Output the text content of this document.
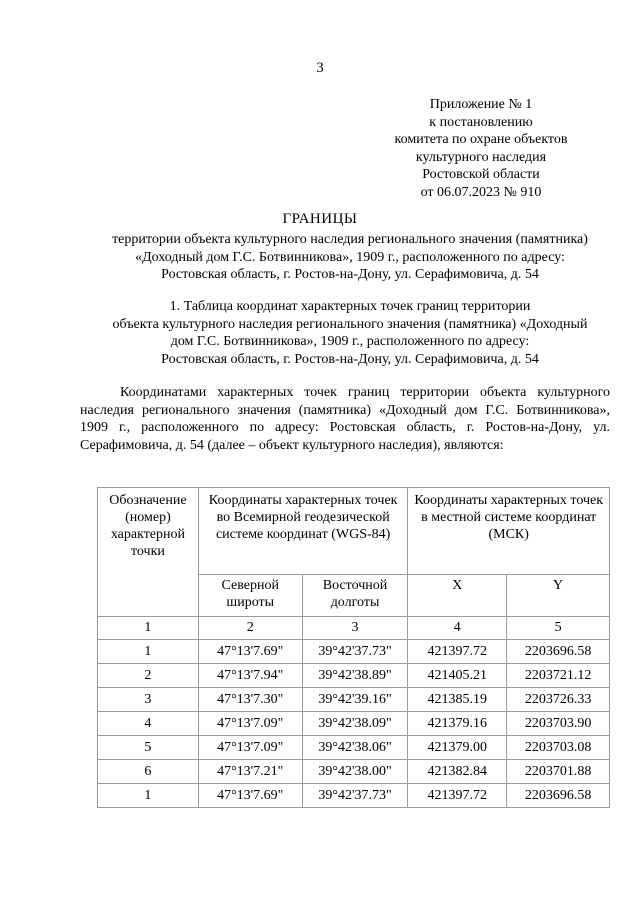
3
Приложение № 1
к постановлению
комитета по охране объектов
культурного наследия
Ростовской области
от 06.07.2023 № 910
ГРАНИЦЫ
территории объекта культурного наследия регионального значения (памятника)
«Доходный дом Г.С. Ботвинникова», 1909 г., расположенного по адресу:
Ростовская область, г. Ростов-на-Дону, ул. Серафимовича, д. 54
1. Таблица координат характерных точек границ территории
объекта культурного наследия регионального значения (памятника) «Доходный
дом Г.С. Ботвинникова», 1909 г., расположенного по адресу:
Ростовская область, г. Ростов-на-Дону, ул. Серафимовича, д. 54
Координатами характерных точек границ территории объекта культурного наследия регионального значения (памятника) «Доходный дом Г.С. Ботвинникова», 1909 г., расположенного по адресу: Ростовская область, г. Ростов-на-Дону, ул. Серафимовича, д. 54 (далее – объект культурного наследия), являются:
Обозначение (номер) характерной точки	Координаты характерных точек во Всемирной геодезической системе координат (WGS-84)		Координаты характерных точек в местной системе координат (МСК)	
	Северной широты	Восточной долготы	X	Y
1	2	3	4	5
1	47°13'7.69"	39°42'37.73"	421397.72	2203696.58
2	47°13'7.94"	39°42'38.89"	421405.21	2203721.12
3	47°13'7.30"	39°42'39.16"	421385.19	2203726.33
4	47°13'7.09"	39°42'38.09"	421379.16	2203703.90
5	47°13'7.09"	39°42'38.06"	421379.00	2203703.08
6	47°13'7.21"	39°42'38.00"	421382.84	2203701.88
1	47°13'7.69"	39°42'37.73"	421397.72	2203696.58
